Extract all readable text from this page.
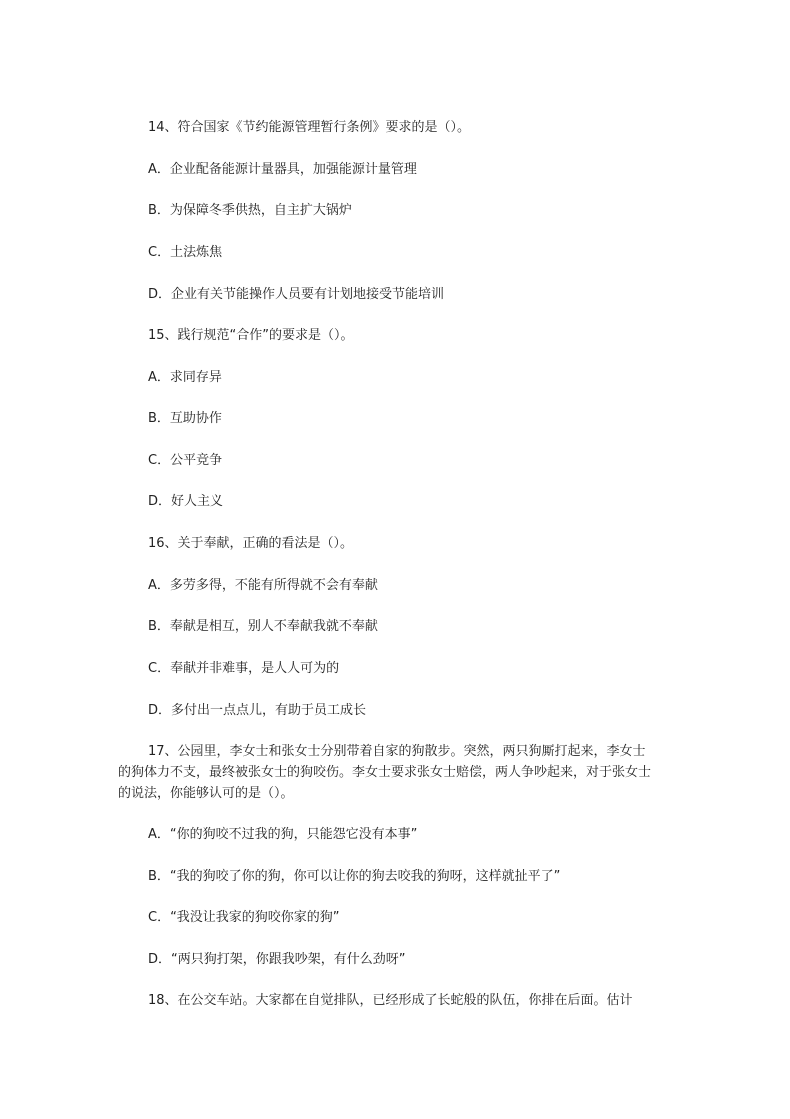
14、符合国家《节约能源管理暂行条例》要求的是（）。
A．企业配备能源计量器具，加强能源计量管理
B．为保障冬季供热，自主扩大锅炉
C．土法炼焦
D．企业有关节能操作人员要有计划地接受节能培训
15、践行规范“合作”的要求是（）。
A．求同存异
B．互助协作
C．公平竞争
D．好人主义
16、关于奉献，正确的看法是（）。
A．多劳多得，不能有所得就不会有奉献
B．奉献是相互，别人不奉献我就不奉献
C．奉献并非难事，是人人可为的
D．多付出一点点儿，有助于员工成长
17、公园里，李女士和张女士分别带着自家的狗散步。突然，两只狗厮打起来，李女士的狗体力不支，最终被张女士的狗咬伤。李女士要求张女士赔偿，两人争吵起来，对于张女士的说法，你能够认可的是（）。
A．“你的狗咬不过我的狗，只能怨它没有本事”
B．“我的狗咬了你的狗，你可以让你的狗去咬我的狗呀，这样就扯平了”
C．“我没让我家的狗咬你家的狗”
D．“两只狗打架，你跟我吵架，有什么劲呀”
18、在公交车站。大家都在自觉排队，已经形成了长蛇般的队伍，你排在后面。估计
